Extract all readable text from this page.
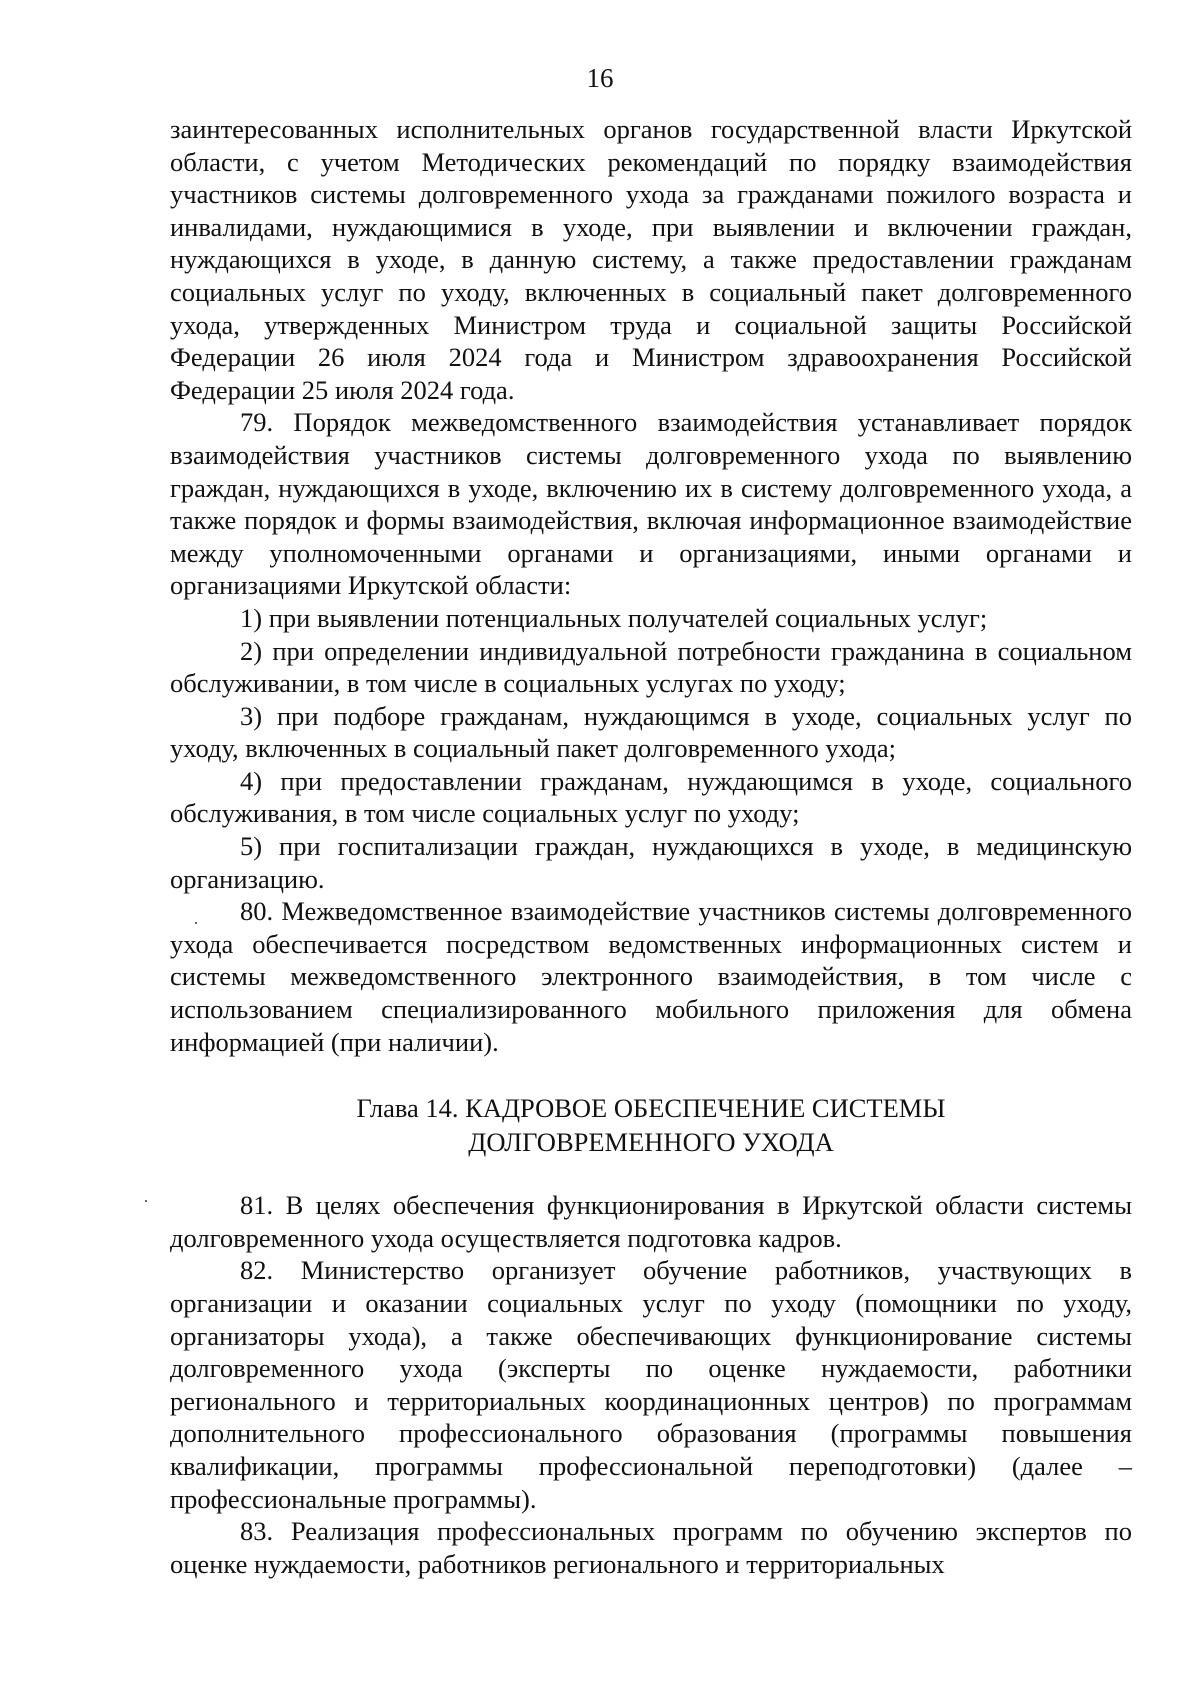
16

заинтересованных исполнительных органов государственной власти Иркутской области, с учетом Методических рекомендаций по порядку взаимодействия участников системы долговременного ухода за гражданами пожилого возраста и инвалидами, нуждающимися в уходе, при выявлении и включении граждан, нуждающихся в уходе, в данную систему, а также предоставлении гражданам социальных услуг по уходу, включенных в социальный пакет долговременного ухода, утвержденных Министром труда и социальной защиты Российской Федерации 26 июля 2024 года и Министром здравоохранения Российской Федерации 25 июля 2024 года.

79. Порядок межведомственного взаимодействия устанавливает порядок взаимодействия участников системы долговременного ухода по выявлению граждан, нуждающихся в уходе, включению их в систему долговременного ухода, а также порядок и формы взаимодействия, включая информационное взаимодействие между уполномоченными органами и организациями, иными органами и организациями Иркутской области:

1) при выявлении потенциальных получателей социальных услуг;

2) при определении индивидуальной потребности гражданина в социальном обслуживании, в том числе в социальных услугах по уходу;

3) при подборе гражданам, нуждающимся в уходе, социальных услуг по уходу, включенных в социальный пакет долговременного ухода;

4) при предоставлении гражданам, нуждающимся в уходе, социального обслуживания, в том числе социальных услуг по уходу;

5) при госпитализации граждан, нуждающихся в уходе, в медицинскую организацию.

80. Межведомственное взаимодействие участников системы долговременного ухода обеспечивается посредством ведомственных информационных систем и системы межведомственного электронного взаимодействия, в том числе с использованием специализированного мобильного приложения для обмена информацией (при наличии).

Глава 14. КАДРОВОЕ ОБЕСПЕЧЕНИЕ СИСТЕМЫ
ДОЛГОВРЕМЕННОГО УХОДА

81. В целях обеспечения функционирования в Иркутской области системы долговременного ухода осуществляется подготовка кадров.

82. Министерство организует обучение работников, участвующих в организации и оказании социальных услуг по уходу (помощники по уходу, организаторы ухода), а также обеспечивающих функционирование системы долговременного ухода (эксперты по оценке нуждаемости, работники регионального и территориальных координационных центров) по программам дополнительного профессионального образования (программы повышения квалификации, программы профессиональной переподготовки) (далее – профессиональные программы).

83. Реализация профессиональных программ по обучению экспертов по оценке нуждаемости, работников регионального и территориальных
